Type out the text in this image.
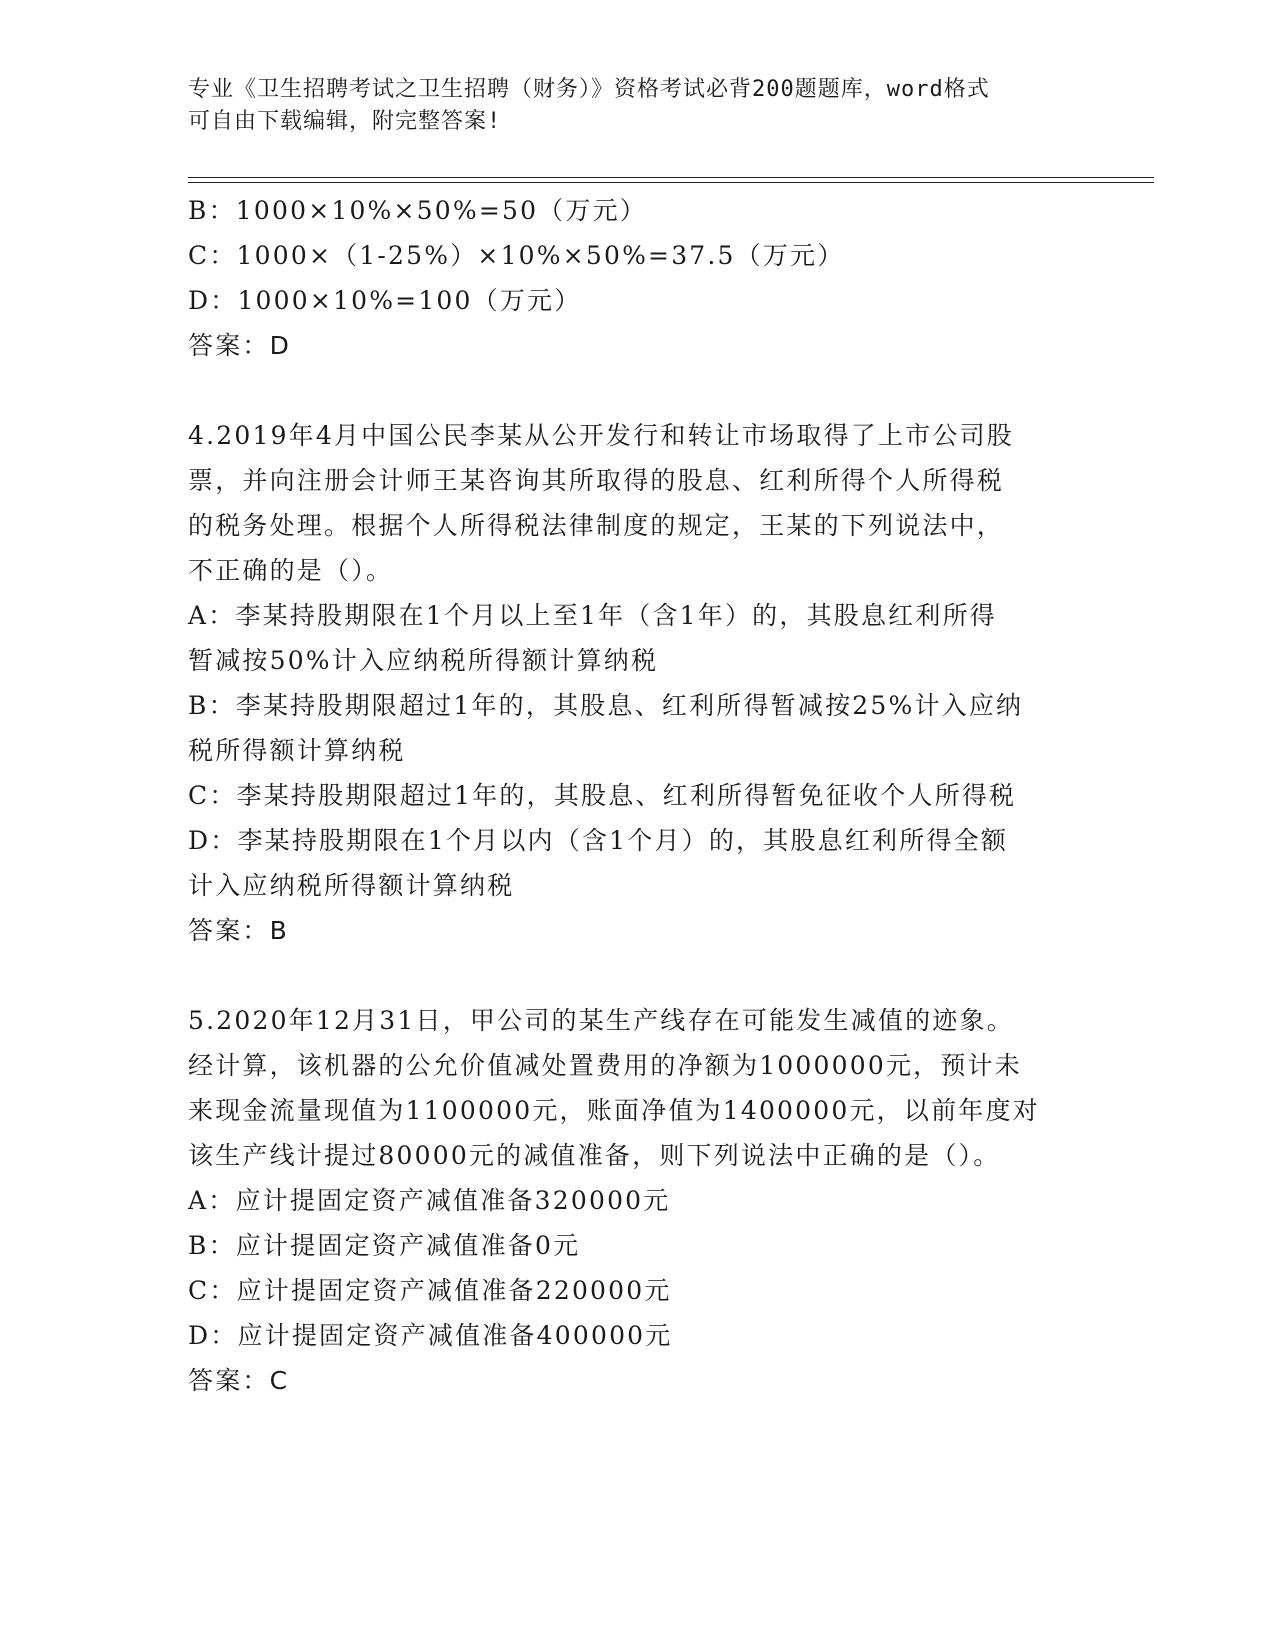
专业《卫生招聘考试之卫生招聘（财务）》资格考试必背200题题库，word格式
可自由下载编辑，附完整答案!
B：1000×10%×50%=50（万元）
C：1000×（1-25%）×10%×50%=37.5（万元）
D：1000×10%=100（万元）
答案：D
4.2019年4月中国公民李某从公开发行和转让市场取得了上市公司股
票，并向注册会计师王某咨询其所取得的股息、红利所得个人所得税
的税务处理。根据个人所得税法律制度的规定，王某的下列说法中，
不正确的是（）。
A：李某持股期限在1个月以上至1年（含1年）的，其股息红利所得
暂减按50%计入应纳税所得额计算纳税
B：李某持股期限超过1年的，其股息、红利所得暂减按25%计入应纳
税所得额计算纳税
C：李某持股期限超过1年的，其股息、红利所得暂免征收个人所得税
D：李某持股期限在1个月以内（含1个月）的，其股息红利所得全额
计入应纳税所得额计算纳税
答案：B
5.2020年12月31日，甲公司的某生产线存在可能发生减值的迹象。
经计算，该机器的公允价值减处置费用的净额为1000000元，预计未
来现金流量现值为1100000元，账面净值为1400000元，以前年度对
该生产线计提过80000元的减值准备，则下列说法中正确的是（）。
A：应计提固定资产减值准备320000元
B：应计提固定资产减值准备0元
C：应计提固定资产减值准备220000元
D：应计提固定资产减值准备400000元
答案：C
